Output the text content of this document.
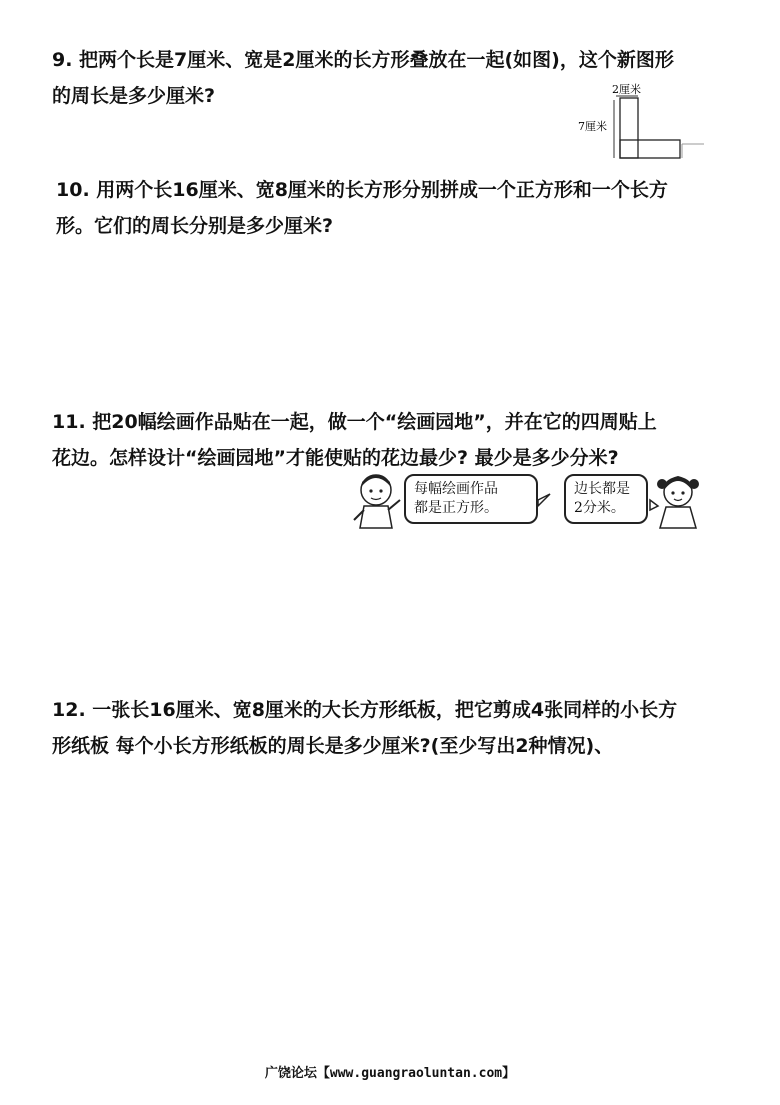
9. 把两个长是7厘米、宽是2厘米的长方形叠放在一起(如图)，这个新图形
的周长是多少厘米?	2厘米
7厘米
10. 用两个长16厘米、宽8厘米的长方形分别拼成一个正方形和一个长方
形。它们的周长分别是多少厘米?
11. 把20幅绘画作品贴在一起，做一个“绘画园地”，并在它的四周贴上
花边。怎样设计“绘画园地”才能使贴的花边最少? 最少是多少分米?
每幅绘画作品
都是正方形。
边长都是
2分米。
12. 一张长16厘米、宽8厘米的大长方形纸板，把它剪成4张同样的小长方
形纸板 每个小长方形纸板的周长是多少厘米?(至少写出2种情况)、
广饶论坛【www.guangraoluntan.com】
